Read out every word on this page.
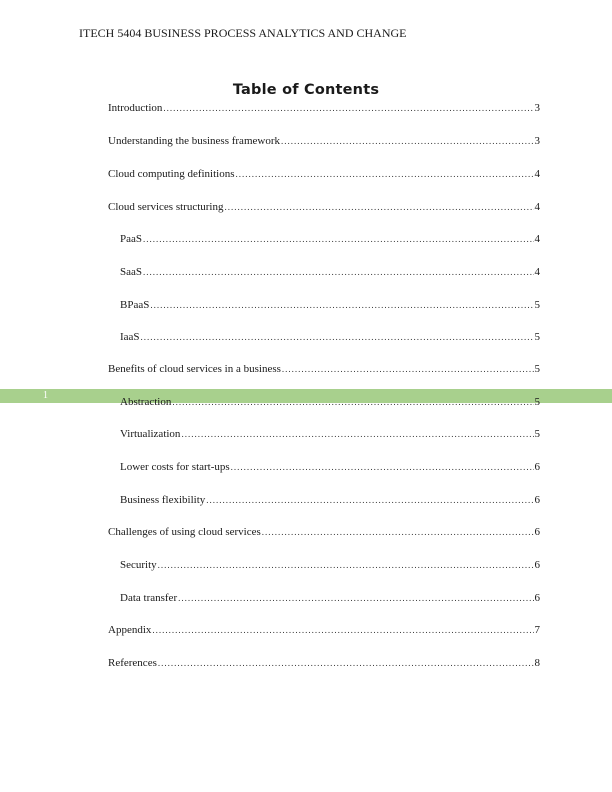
ITECH 5404 BUSINESS PROCESS ANALYTICS AND CHANGE
Table of Contents
1
Introduction .....	3
Understanding the business framework .....	3
Cloud computing definitions .....	4
Cloud services structuring .....	4
PaaS .....	4
SaaS .....	4
BPaaS .....	5
IaaS .....	5
Benefits of cloud services in a business .....	5
Abstraction .....	5
Virtualization .....	5
Lower costs for start-ups .....	6
Business flexibility .....	6
Challenges of using cloud services .....	6
Security .....	6
Data transfer .....	6
Appendix .....	7
References .....	8
